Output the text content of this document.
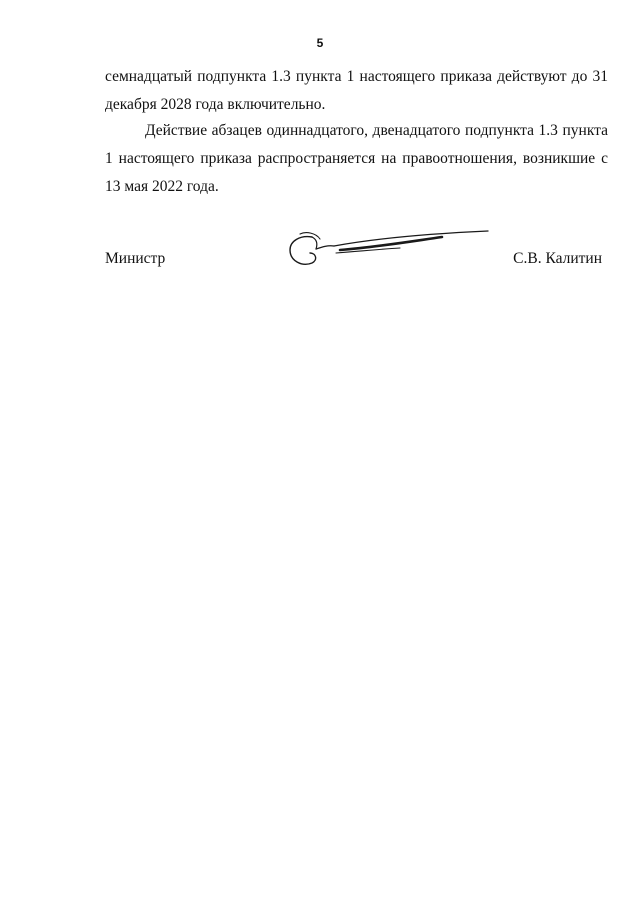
5

семнадцатый подпункта 1.3 пункта 1 настоящего приказа действуют до 31 декабря 2028 года включительно.

Действие абзацев одиннадцатого, двенадцатого подпункта 1.3 пункта 1 настоящего приказа распространяется на правоотношения, возникшие с 13 мая 2022 года.

Министр	С.В. Калитин
